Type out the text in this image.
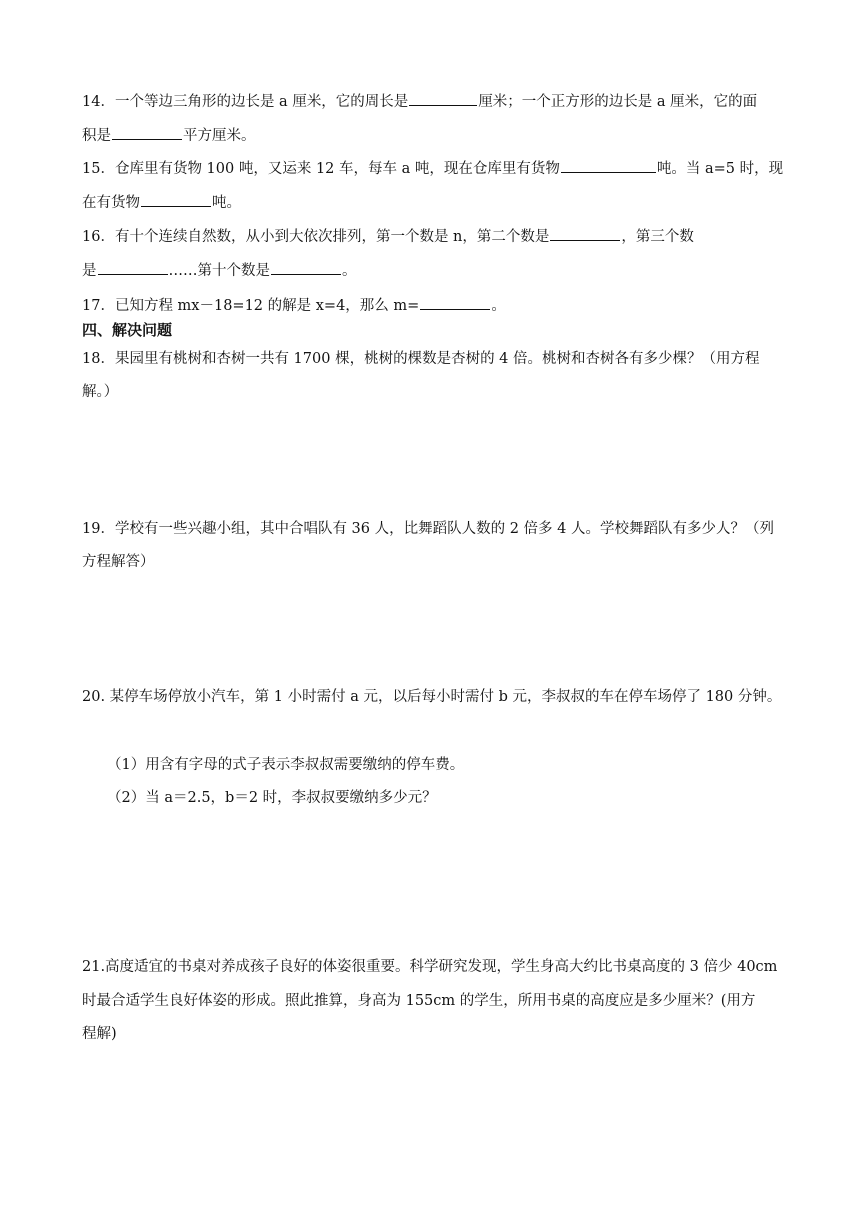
14．一个等边三角形的边长是 a 厘米，它的周长是	厘米；一个正方形的边长是 a 厘米，它的面
积是	平方厘米。
15．仓库里有货物 100 吨，又运来 12 车，每车 a 吨，现在仓库里有货物	吨。当 a=5 时，现
在有货物	吨。
16．有十个连续自然数，从小到大依次排列，第一个数是 n，第二个数是	，第三个数
是	……第十个数是	。
17．已知方程 mx－18=12 的解是 x=4，那么 m=	。
四、解决问题
18．果园里有桃树和杏树一共有 1700 棵，桃树的棵数是杏树的 4 倍。桃树和杏树各有多少棵？（用方程
解。）
19．学校有一些兴趣小组，其中合唱队有 36 人，比舞蹈队人数的 2 倍多 4 人。学校舞蹈队有多少人？（列
方程解答）
20. 某停车场停放小汽车，第 1 小时需付 a 元，以后每小时需付 b 元，李叔叔的车在停车场停了 180 分钟。
（1）用含有字母的式子表示李叔叔需要缴纳的停车费。
（2）当 a＝2.5，b＝2 时，李叔叔要缴纳多少元？
21.高度适宜的书桌对养成孩子良好的体姿很重要。科学研究发现，学生身高大约比书桌高度的 3 倍少 40cm
时最合适学生良好体姿的形成。照此推算，身高为 155cm 的学生，所用书桌的高度应是多少厘米？(用方
程解)
